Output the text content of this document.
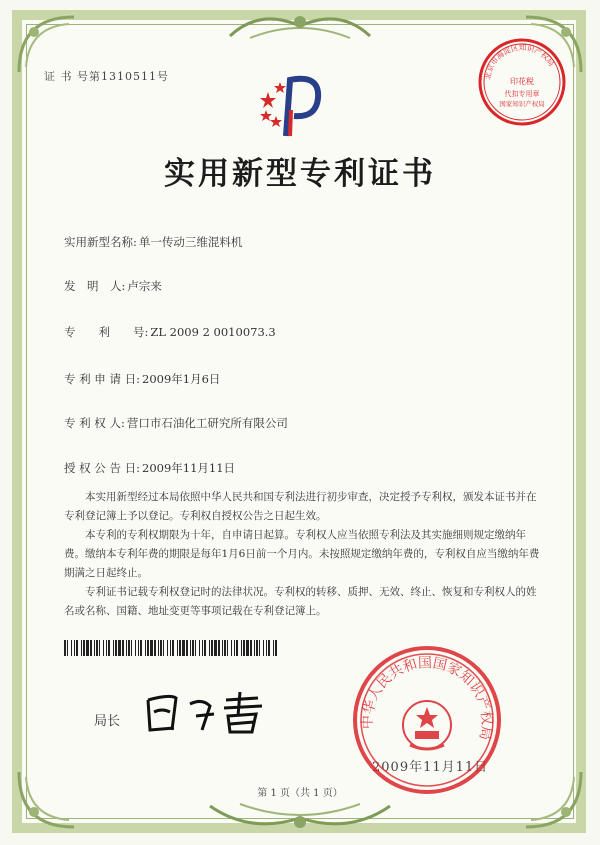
证 书 号第1310511号
实用新型专利证书
实用新型名称: 单一传动三维混料机
发　明　人: 卢宗来
专　　利　　号: ZL 2009 2 0010073.3
专 利 申 请 日: 2009年1月6日
专 利 权 人: 营口市石油化工研究所有限公司
授 权 公 告 日: 2009年11月11日

本实用新型经过本局依照中华人民共和国专利法进行初步审查，决定授予专利权，颁发本证书并在专利登记簿上予以登记。专利权自授权公告之日起生效。

本专利的专利权期限为十年，自申请日起算。专利权人应当依照专利法及其实施细则规定缴纳年费。缴纳本专利年费的期限是每年1月6日前一个月内。未按照规定缴纳年费的，专利权自应当缴纳年费期满之日起终止。

专利证书记载专利权登记时的法律状况。专利权的转移、质押、无效、终止、恢复和专利权人的姓名或名称、国籍、地址变更等事项记载在专利登记簿上。

局长
2009年11月11日
第 1 页（共 1 页）
北京市海淀区知识产权局
印花税
代扣专用章
国家知识产权局
中华人民共和国国家知识产权局
